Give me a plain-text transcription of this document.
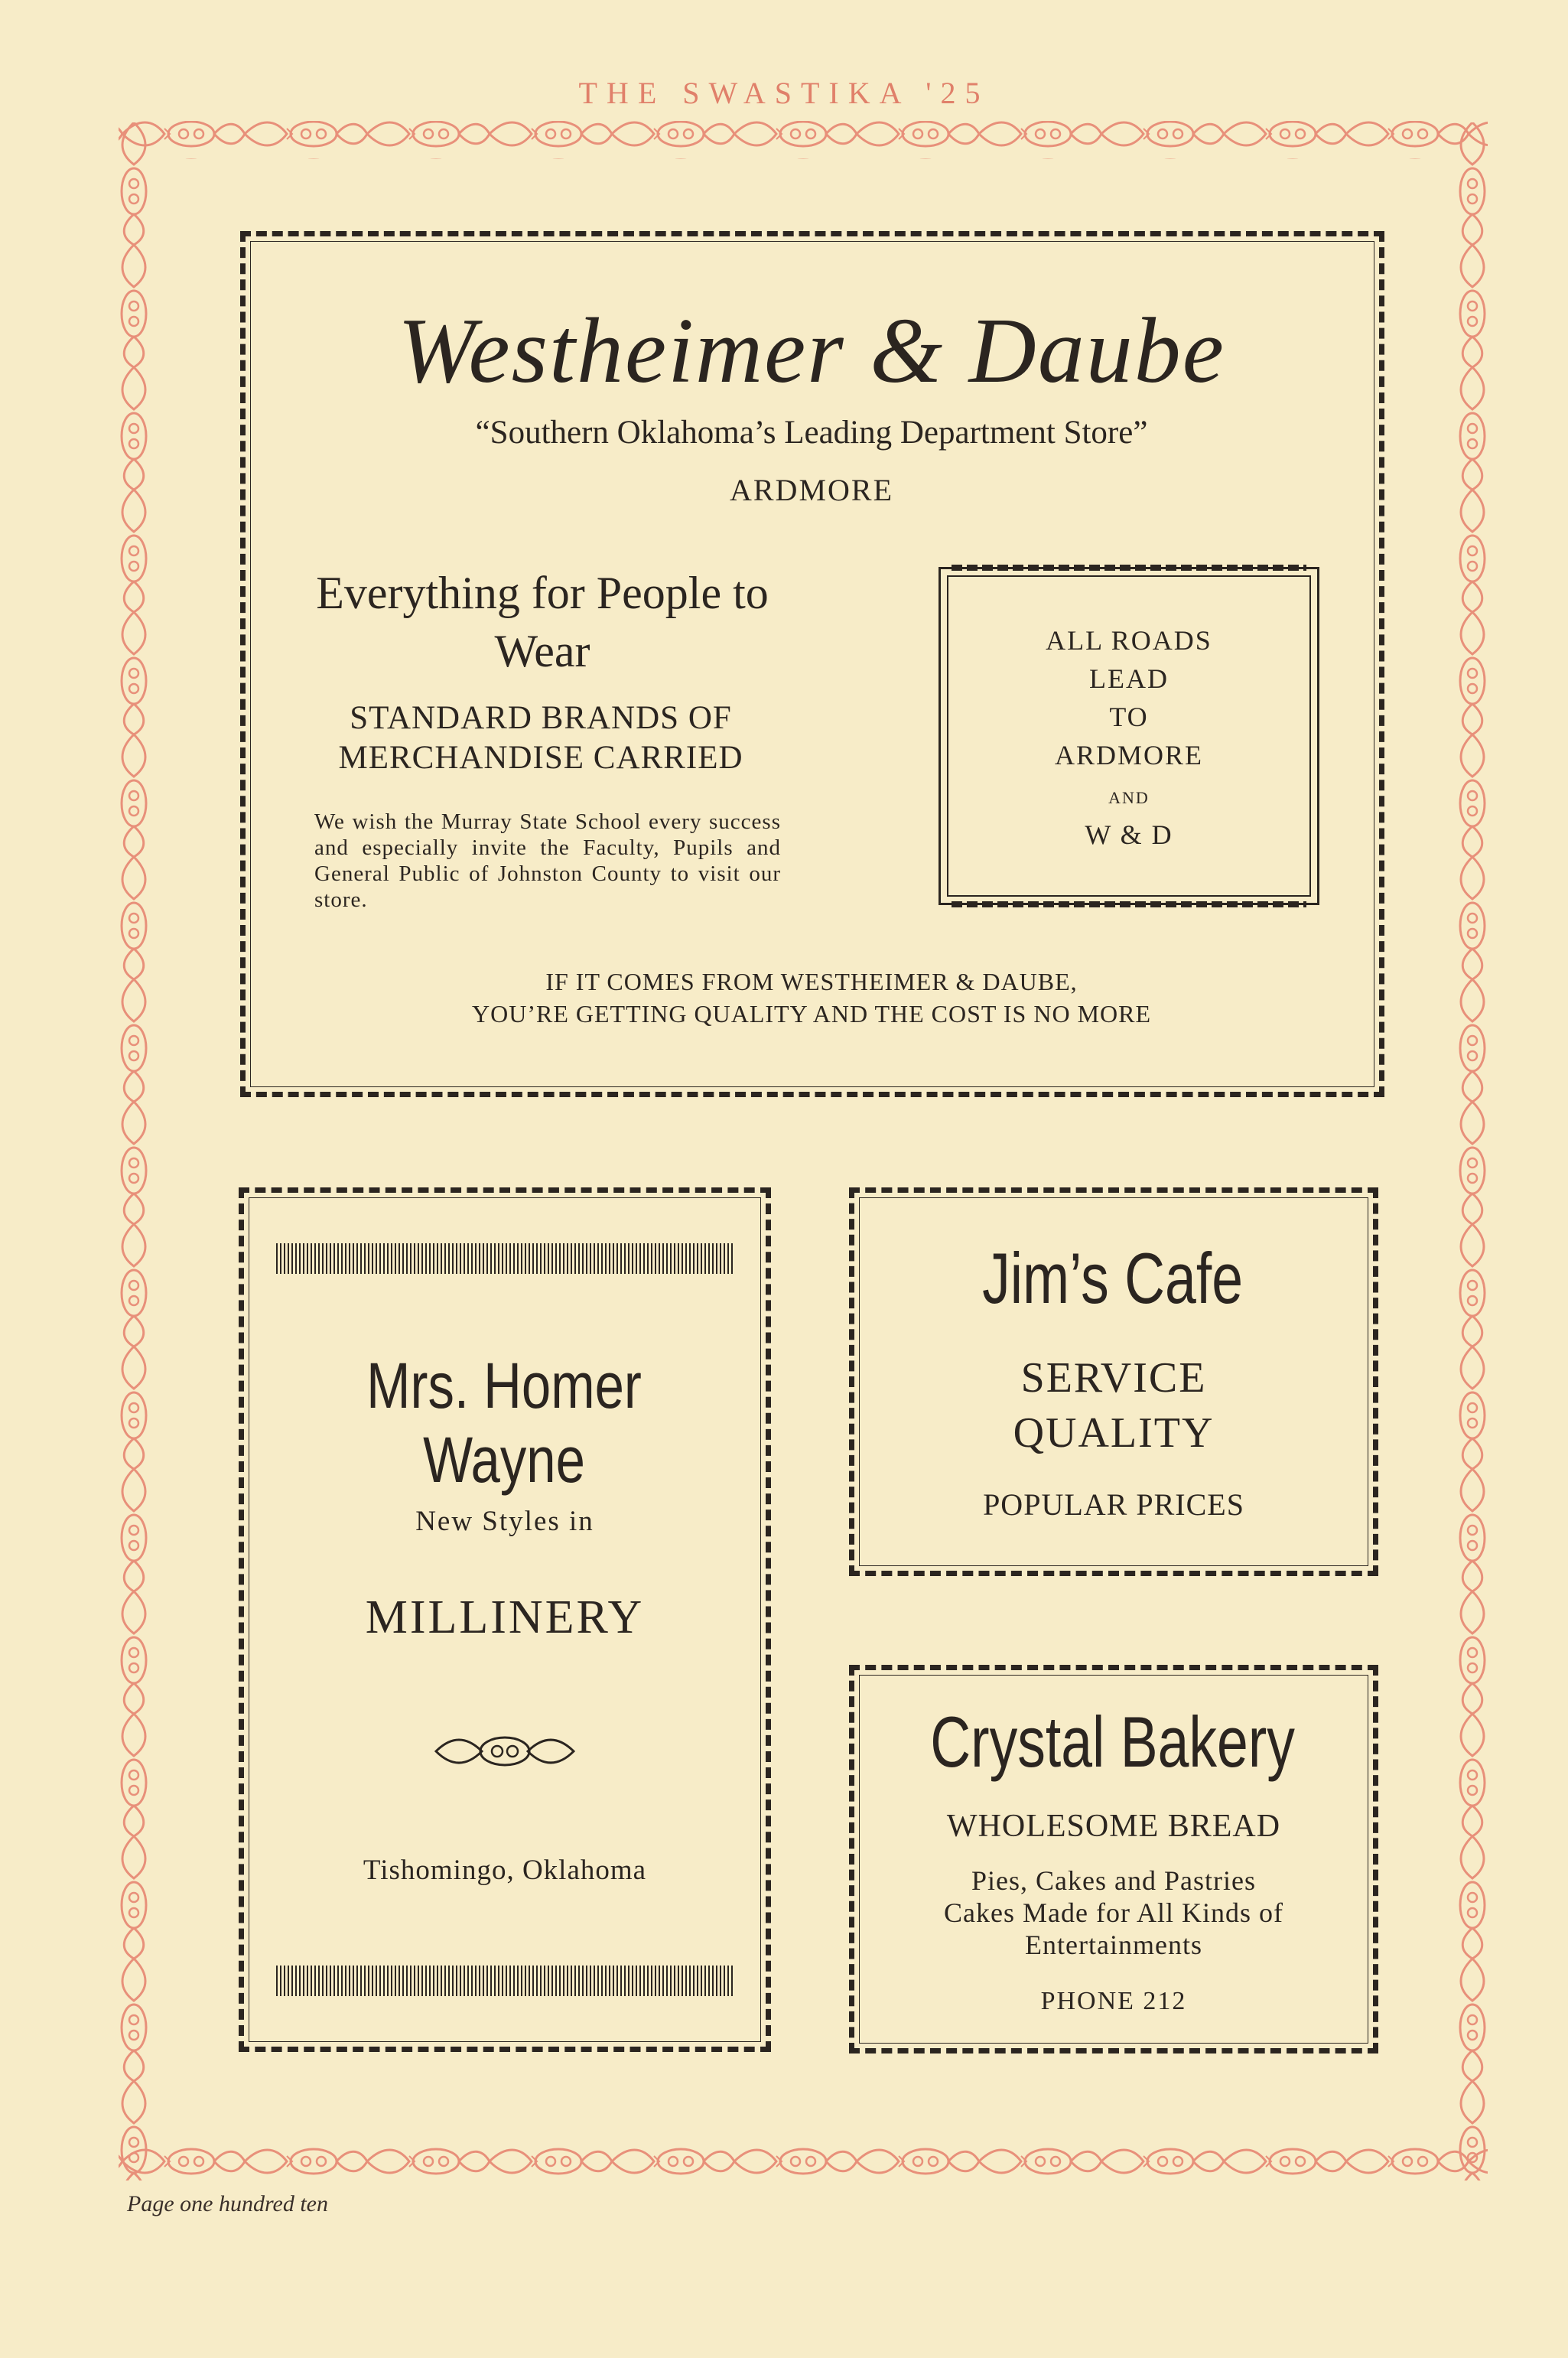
THE SWASTIKA '25
Westheimer & Daube
“Southern Oklahoma’s Leading Department Store”
ARDMORE
Everything for People to Wear
STANDARD BRANDS OF MERCHANDISE CARRIED
We wish the Murray State School every success and especially invite the Faculty, Pupils and General Public of Johnston County to visit our store.
ALL ROADS
LEAD
TO
ARDMORE
AND
W & D
IF IT COMES FROM WESTHEIMER & DAUBE,
YOU’RE GETTING QUALITY AND THE COST IS NO MORE
Mrs. Homer Wayne
New Styles in
MILLINERY
Tishomingo, Oklahoma
Jim’s Cafe
SERVICE
QUALITY
POPULAR PRICES
Crystal Bakery
WHOLESOME BREAD
Pies, Cakes and Pastries
Cakes Made for All Kinds of
Entertainments
PHONE 212
Page one hundred ten
